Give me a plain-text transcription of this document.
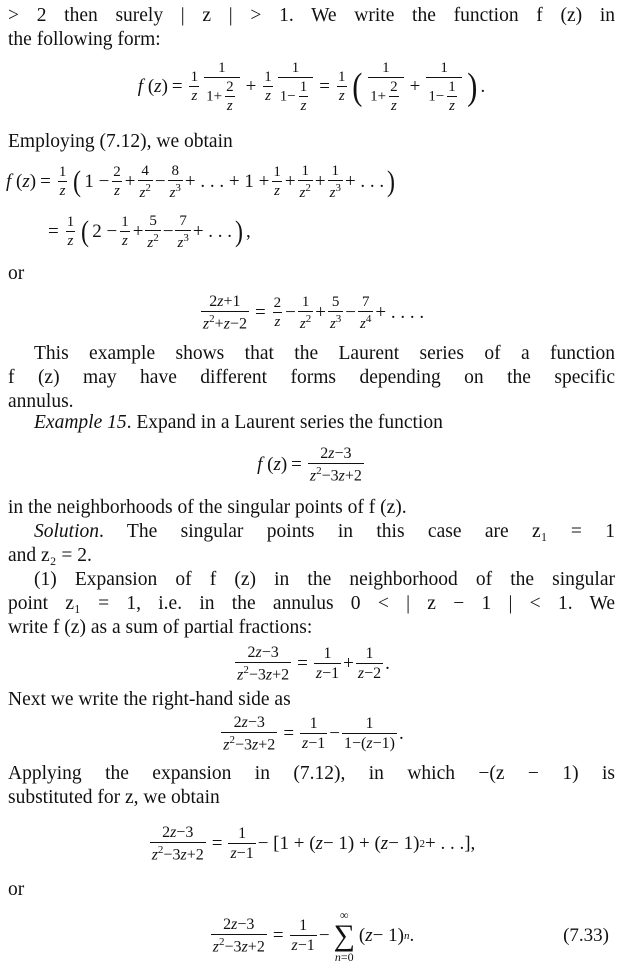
> 2 then surely | z | > 1. We write the function f (z) in
the following form:
f ( z ) = $\frac{1}{z} \frac{1}{1+ \frac{2}{z}} + \frac{1}{z} \frac{1}{1- \frac{1}{z}} = \frac{1}{z}$ ( $\frac{1}{1+ \frac{2}{z}} + \frac{1}{1- \frac{1}{z}}$ ) .
Employing (7.12), we obtain
f ( z ) = $\frac{1}{z}$ ( $1 - \frac{2}{z} + \frac{4}{z^2} - \frac{8}{z^3}$ + . . . + $1 + \frac{1}{z} + \frac{1}{z^2} + \frac{1}{z^3}$ + . . . )
= $\frac{1}{z}$ ( $2 - \frac{1}{z} + \frac{5}{z^2} - \frac{7}{z^3}$ + . . . ) ,
or
$\frac{2z+1}{z^2+z-2} = \frac{2}{z} - \frac{1}{z^2} + \frac{5}{z^3} - \frac{7}{z^4}$ + . . . .
This example shows that the Laurent series of a function
f (z) may have different forms depending on the specific
annulus.
Example 15. Expand in a Laurent series the function
f ( z ) = $\frac{2z-3}{z^2-3z+2}$
in the neighborhoods of the singular points of f (z).
Solution. The singular points in this case are z₁ = 1
and z₂ = 2.
(1) Expansion of f (z) in the neighborhood of the singular
point z₁ = 1, i.e. in the annulus 0 < | z − 1 | < 1. We
write f (z) as a sum of partial fractions:
$\frac{2z-3}{z^2-3z+2} = \frac{1}{z-1} + \frac{1}{z-2}$ .
Next we write the right-hand side as
$\frac{2z-3}{z^2-3z+2} = \frac{1}{z-1} - \frac{1}{1-(z-1)}$ .
Applying the expansion in (7.12), in which −(z − 1) is
substituted for z, we obtain
$\frac{2z-3}{z^2-3z+2} = \frac{1}{z-1} - [1$ + ( z − 1) + ( z − 1) 2 + . . .],
or
$\frac{2z-3}{z^2-3z+2} = \frac{1}{z-1}$ −
∞
∑
n=0
( z − 1) n .	(7.33)
